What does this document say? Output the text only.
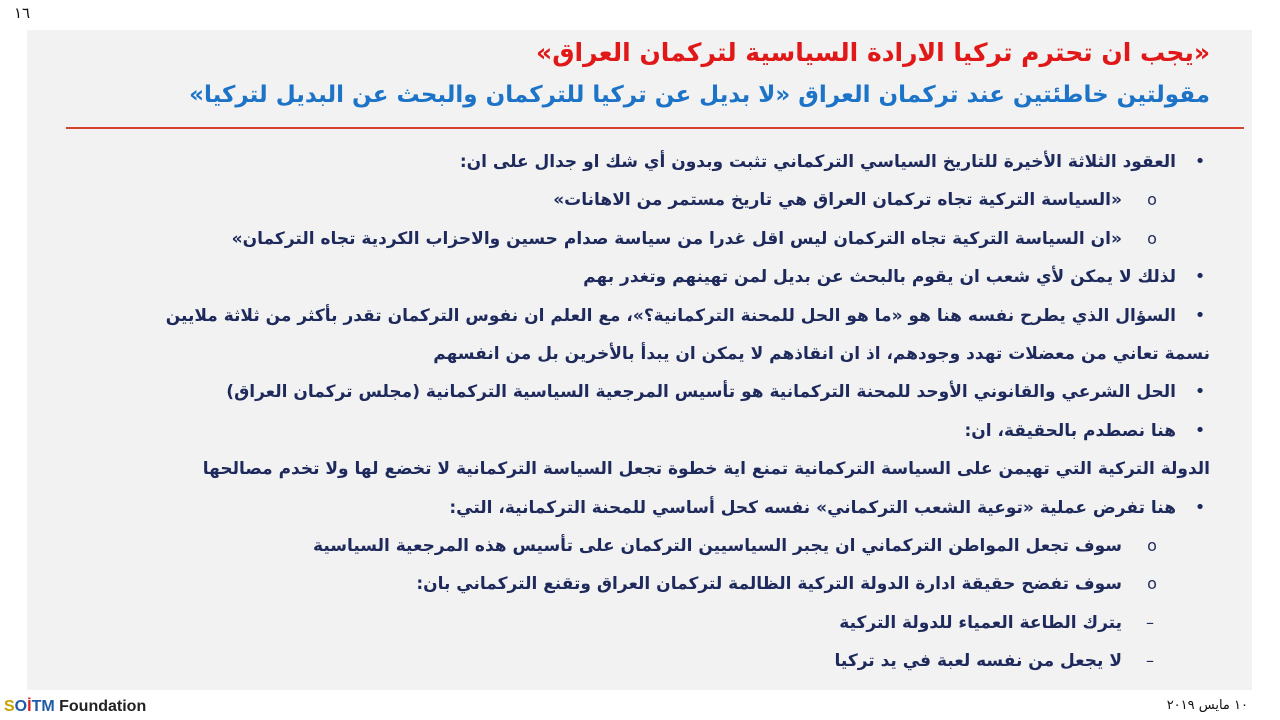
١٦
«يجب ان تحترم تركيا الارادة السياسية لتركمان العراق»
مقولتين خاطئتين عند تركمان العراق «لا بديل عن تركيا للتركمان والبحث عن البديل لتركيا»
•
العقود الثلاثة الأخيرة للتاريخ السياسي التركماني تثبت وبدون أي شك او جدال على ان:
o
«السياسة التركية تجاه تركمان العراق هي تاريخ مستمر من الاهانات»
o
«ان السياسة التركية تجاه التركمان ليس اقل غدرا من سياسة صدام حسين والاحزاب الكردية تجاه التركمان»
•
لذلك لا يمكن لأي شعب ان يقوم بالبحث عن بديل لمن تهينهم وتغدر بهم
•
السؤال الذي يطرح نفسه هنا هو «ما هو الحل للمحنة التركمانية؟»، مع العلم ان نفوس التركمان تقدر بأكثر من ثلاثة ملايين
نسمة تعاني من معضلات تهدد وجودهم، اذ ان انقاذهم لا يمكن ان يبدأ بالأخرين بل من انفسهم
•
الحل الشرعي والقانوني الأوحد للمحنة التركمانية هو تأسيس المرجعية السياسية التركمانية (مجلس تركمان العراق)
•
هنا نصطدم بالحقيقة، ان:
الدولة التركية التي تهيمن على السياسة التركمانية تمنع اية خطوة تجعل السياسة التركمانية لا تخضع لها ولا تخدم مصالحها
•
هنا تفرض عملية «توعية الشعب التركماني» نفسه كحل أساسي للمحنة التركمانية، التي:
o
سوف تجعل المواطن التركماني ان يجبر السياسيين التركمان على تأسيس هذه المرجعية السياسية
o
سوف تفضح حقيقة ادارة الدولة التركية الظالمة لتركمان العراق وتقنع التركماني بان:
–
يترك الطاعة العمياء للدولة التركية
–
لا يجعل من نفسه لعبة في يد تركيا
SOİTM Foundation	١٠ مايس ٢٠١٩
